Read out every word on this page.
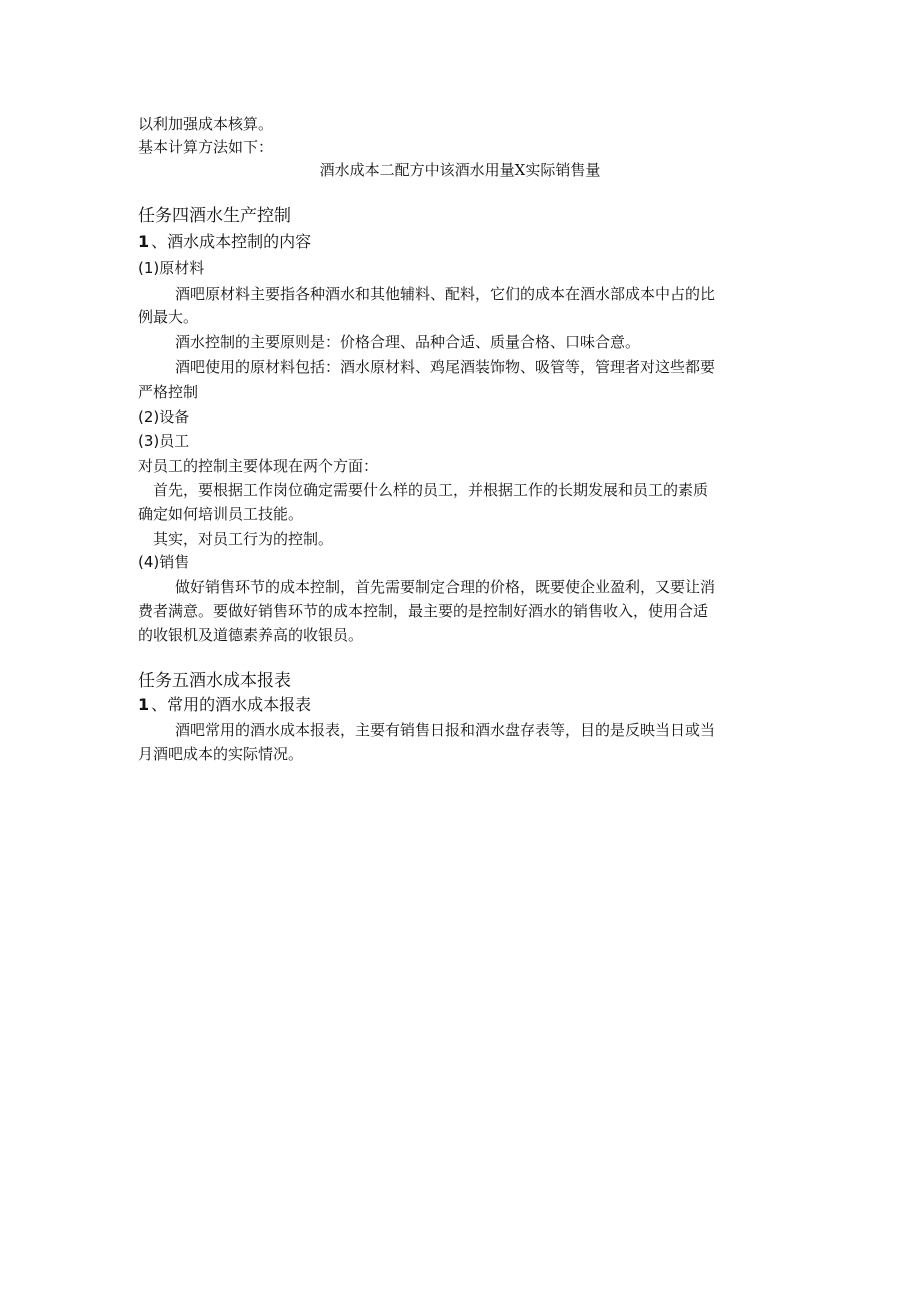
以利加强成本核算。
基本计算方法如下：
酒水成本二配方中该酒水用量X实际销售量
任务四酒水生产控制
1 、酒水成本控制的内容
(1)原材料
酒吧原材料主要指各种酒水和其他辅料、配料，它们的成本在酒水部成本中占的比
例最大。
酒水控制的主要原则是：价格合理、品种合适、质量合格、口味合意。
酒吧使用的原材料包括：酒水原材料、鸡尾酒装饰物、吸管等，管理者对这些都要
严格控制
(2)设备
(3)员工
对员工的控制主要体现在两个方面：
首先，要根据工作岗位确定需要什么样的员工，并根据工作的长期发展和员工的素质
确定如何培训员工技能。
其实，对员工行为的控制。
(4)销售
做好销售环节的成本控制，首先需要制定合理的价格，既要使企业盈利，又要让消
费者满意。要做好销售环节的成本控制，最主要的是控制好酒水的销售收入，使用合适
的收银机及道德素养高的收银员。
任务五酒水成本报表
1 、常用的酒水成本报表
酒吧常用的酒水成本报表，主要有销售日报和酒水盘存表等，目的是反映当日或当
月酒吧成本的实际情况。
